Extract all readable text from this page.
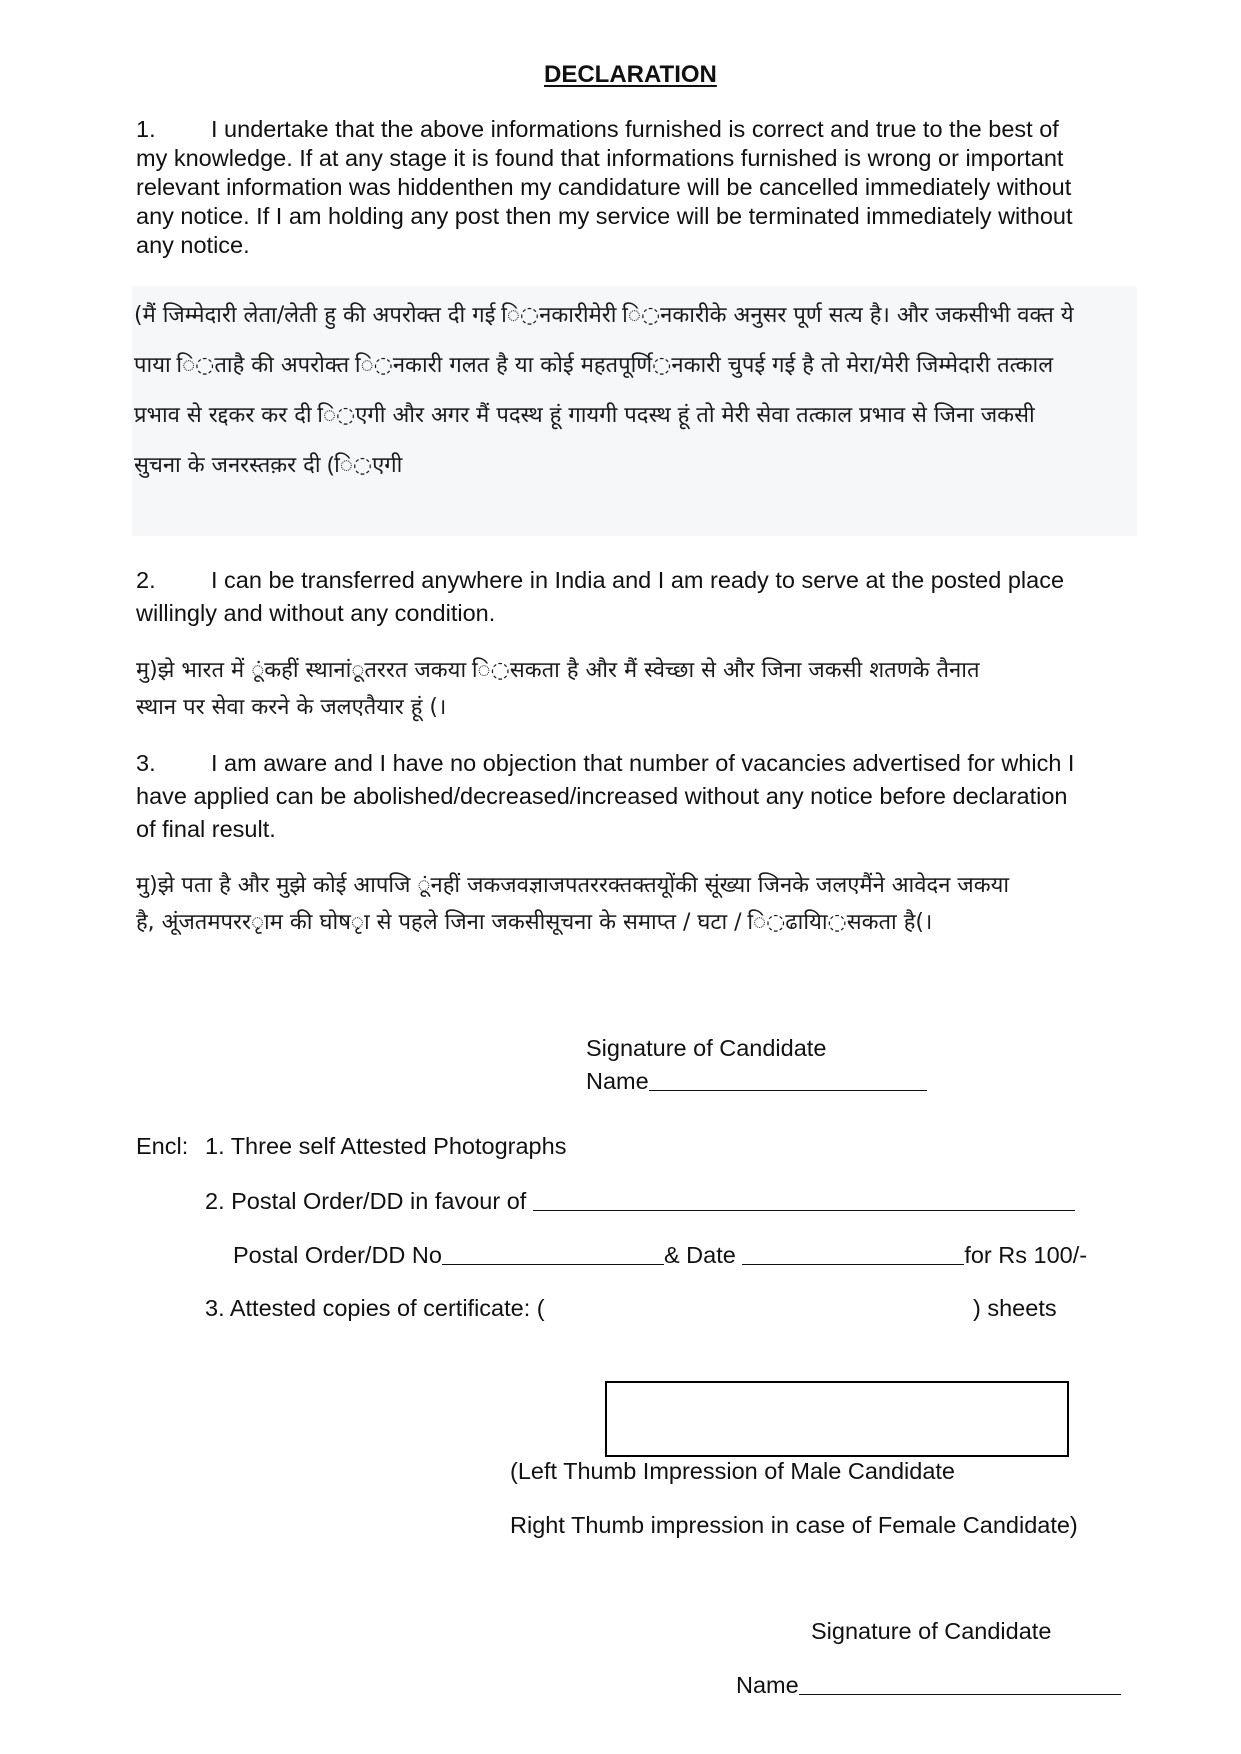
DECLARATION
1. I undertake that the above informations furnished is correct and true to the best of
my knowledge. If at any stage it is found that informations furnished is wrong or important
relevant information was hiddenthen my candidature will be cancelled immediately without
any notice. If I am holding any post then my service will be terminated immediately without
any notice.
(मैं जिम्मेदारी लेता/लेती हु की अपरोक्त दी गई ि◌नकारीमेरी ि◌नकारीके अनुसर पूर्ण सत्य है। और जकसीभी वक्त ये
पाया ि◌ताहै की अपरोक्त ि◌नकारी गलत है या कोई महतपूर्णि◌नकारी चुपई गई है तो मेरा/मेरी जिम्मेदारी तत्काल
प्रभाव से रद्दकर कर दी ि◌एगी और अगर मैं पदस्थ हूं गायगी पदस्थ हूं तो मेरी सेवा तत्काल प्रभाव से जिना जकसी
सुचना के जनरस्तक़र दी (ि◌एगी
2. I can be transferred anywhere in India and I am ready to serve at the posted place
willingly and without any condition.
मु)झे भारत में ◌ूंकहीं स्थानांूतररत जकया ि◌सकता है और मैं स्वेच्छा से और जिना जकसी शतणके तैनात
स्थान पर सेवा करने के जलएतैयार हूं (।
3. I am aware and I have no objection that number of vacancies advertised for which I
have applied can be abolished/decreased/increased without any notice before declaration
of final result.
मु)झे पता है और मुझे कोई आपजि ◌ूंनहीं जकजवज्ञाजपतररक्तक्तयूोंकी सूंख्या जिनके जलएमैंने आवेदन जकया
है, अूंजतमपरर◌ृाम की घोष◌ृा से पहले जिना जकसीसूचना के समाप्त / घटा / ि◌ढायाि◌सकता है(।
Signature of Candidate
Name
Encl: 1. Three self Attested Photographs
2. Postal Order/DD in favour of
Postal Order/DD No	& Date	for Rs 100/-
3. Attested copies of certificate: (	) sheets
(Left Thumb Impression of Male Candidate
Right Thumb impression in case of Female Candidate)
Signature of Candidate
Name
